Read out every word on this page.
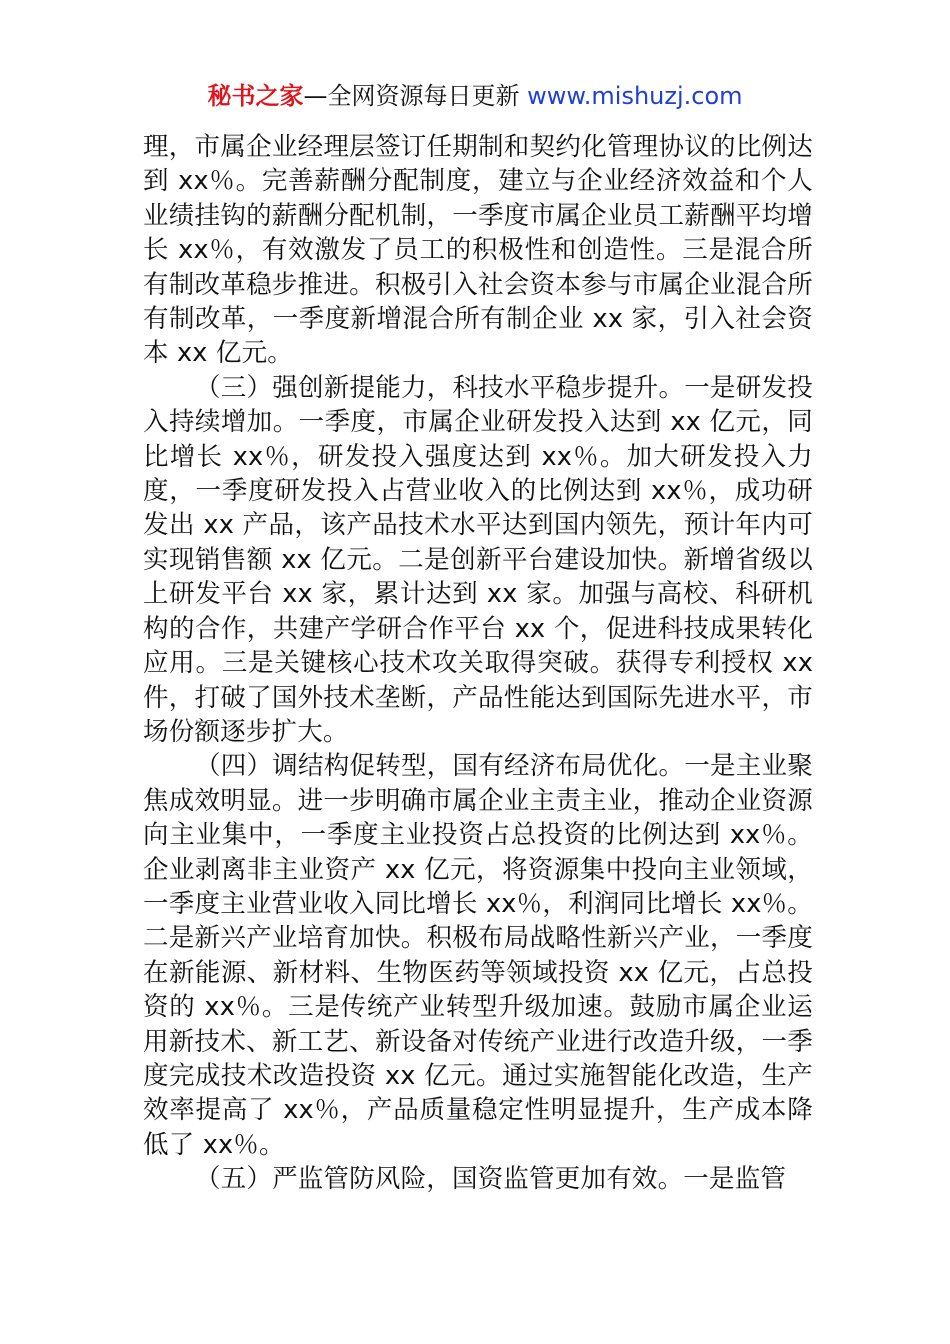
秘书之家—全网资源每日更新 www.mishuzj.com

理，市属企业经理层签订任期制和契约化管理协议的比例达到 xx％。完善薪酬分配制度，建立与企业经济效益和个人业绩挂钩的薪酬分配机制，一季度市属企业员工薪酬平均增长 xx％，有效激发了员工的积极性和创造性。三是混合所有制改革稳步推进。积极引入社会资本参与市属企业混合所有制改革，一季度新增混合所有制企业 xx 家，引入社会资本 xx 亿元。

（三）强创新提能力，科技水平稳步提升。一是研发投入持续增加。一季度，市属企业研发投入达到 xx 亿元，同比增长 xx％，研发投入强度达到 xx％。加大研发投入力度，一季度研发投入占营业收入的比例达到 xx％，成功研发出 xx 产品，该产品技术水平达到国内领先，预计年内可实现销售额 xx 亿元。二是创新平台建设加快。新增省级以上研发平台 xx 家，累计达到 xx 家。加强与高校、科研机构的合作，共建产学研合作平台 xx 个，促进科技成果转化应用。三是关键核心技术攻关取得突破。获得专利授权 xx 件，打破了国外技术垄断，产品性能达到国际先进水平，市场份额逐步扩大。

（四）调结构促转型，国有经济布局优化。一是主业聚焦成效明显。进一步明确市属企业主责主业，推动企业资源向主业集中，一季度主业投资占总投资的比例达到 xx％。企业剥离非主业资产 xx 亿元，将资源集中投向主业领域，一季度主业营业收入同比增长 xx％，利润同比增长 xx％。二是新兴产业培育加快。积极布局战略性新兴产业，一季度在新能源、新材料、生物医药等领域投资 xx 亿元，占总投资的 xx％。三是传统产业转型升级加速。鼓励市属企业运用新技术、新工艺、新设备对传统产业进行改造升级，一季度完成技术改造投资 xx 亿元。通过实施智能化改造，生产效率提高了 xx％，产品质量稳定性明显提升，生产成本降低了 xx％。

（五）严监管防风险，国资监管更加有效。一是监管
